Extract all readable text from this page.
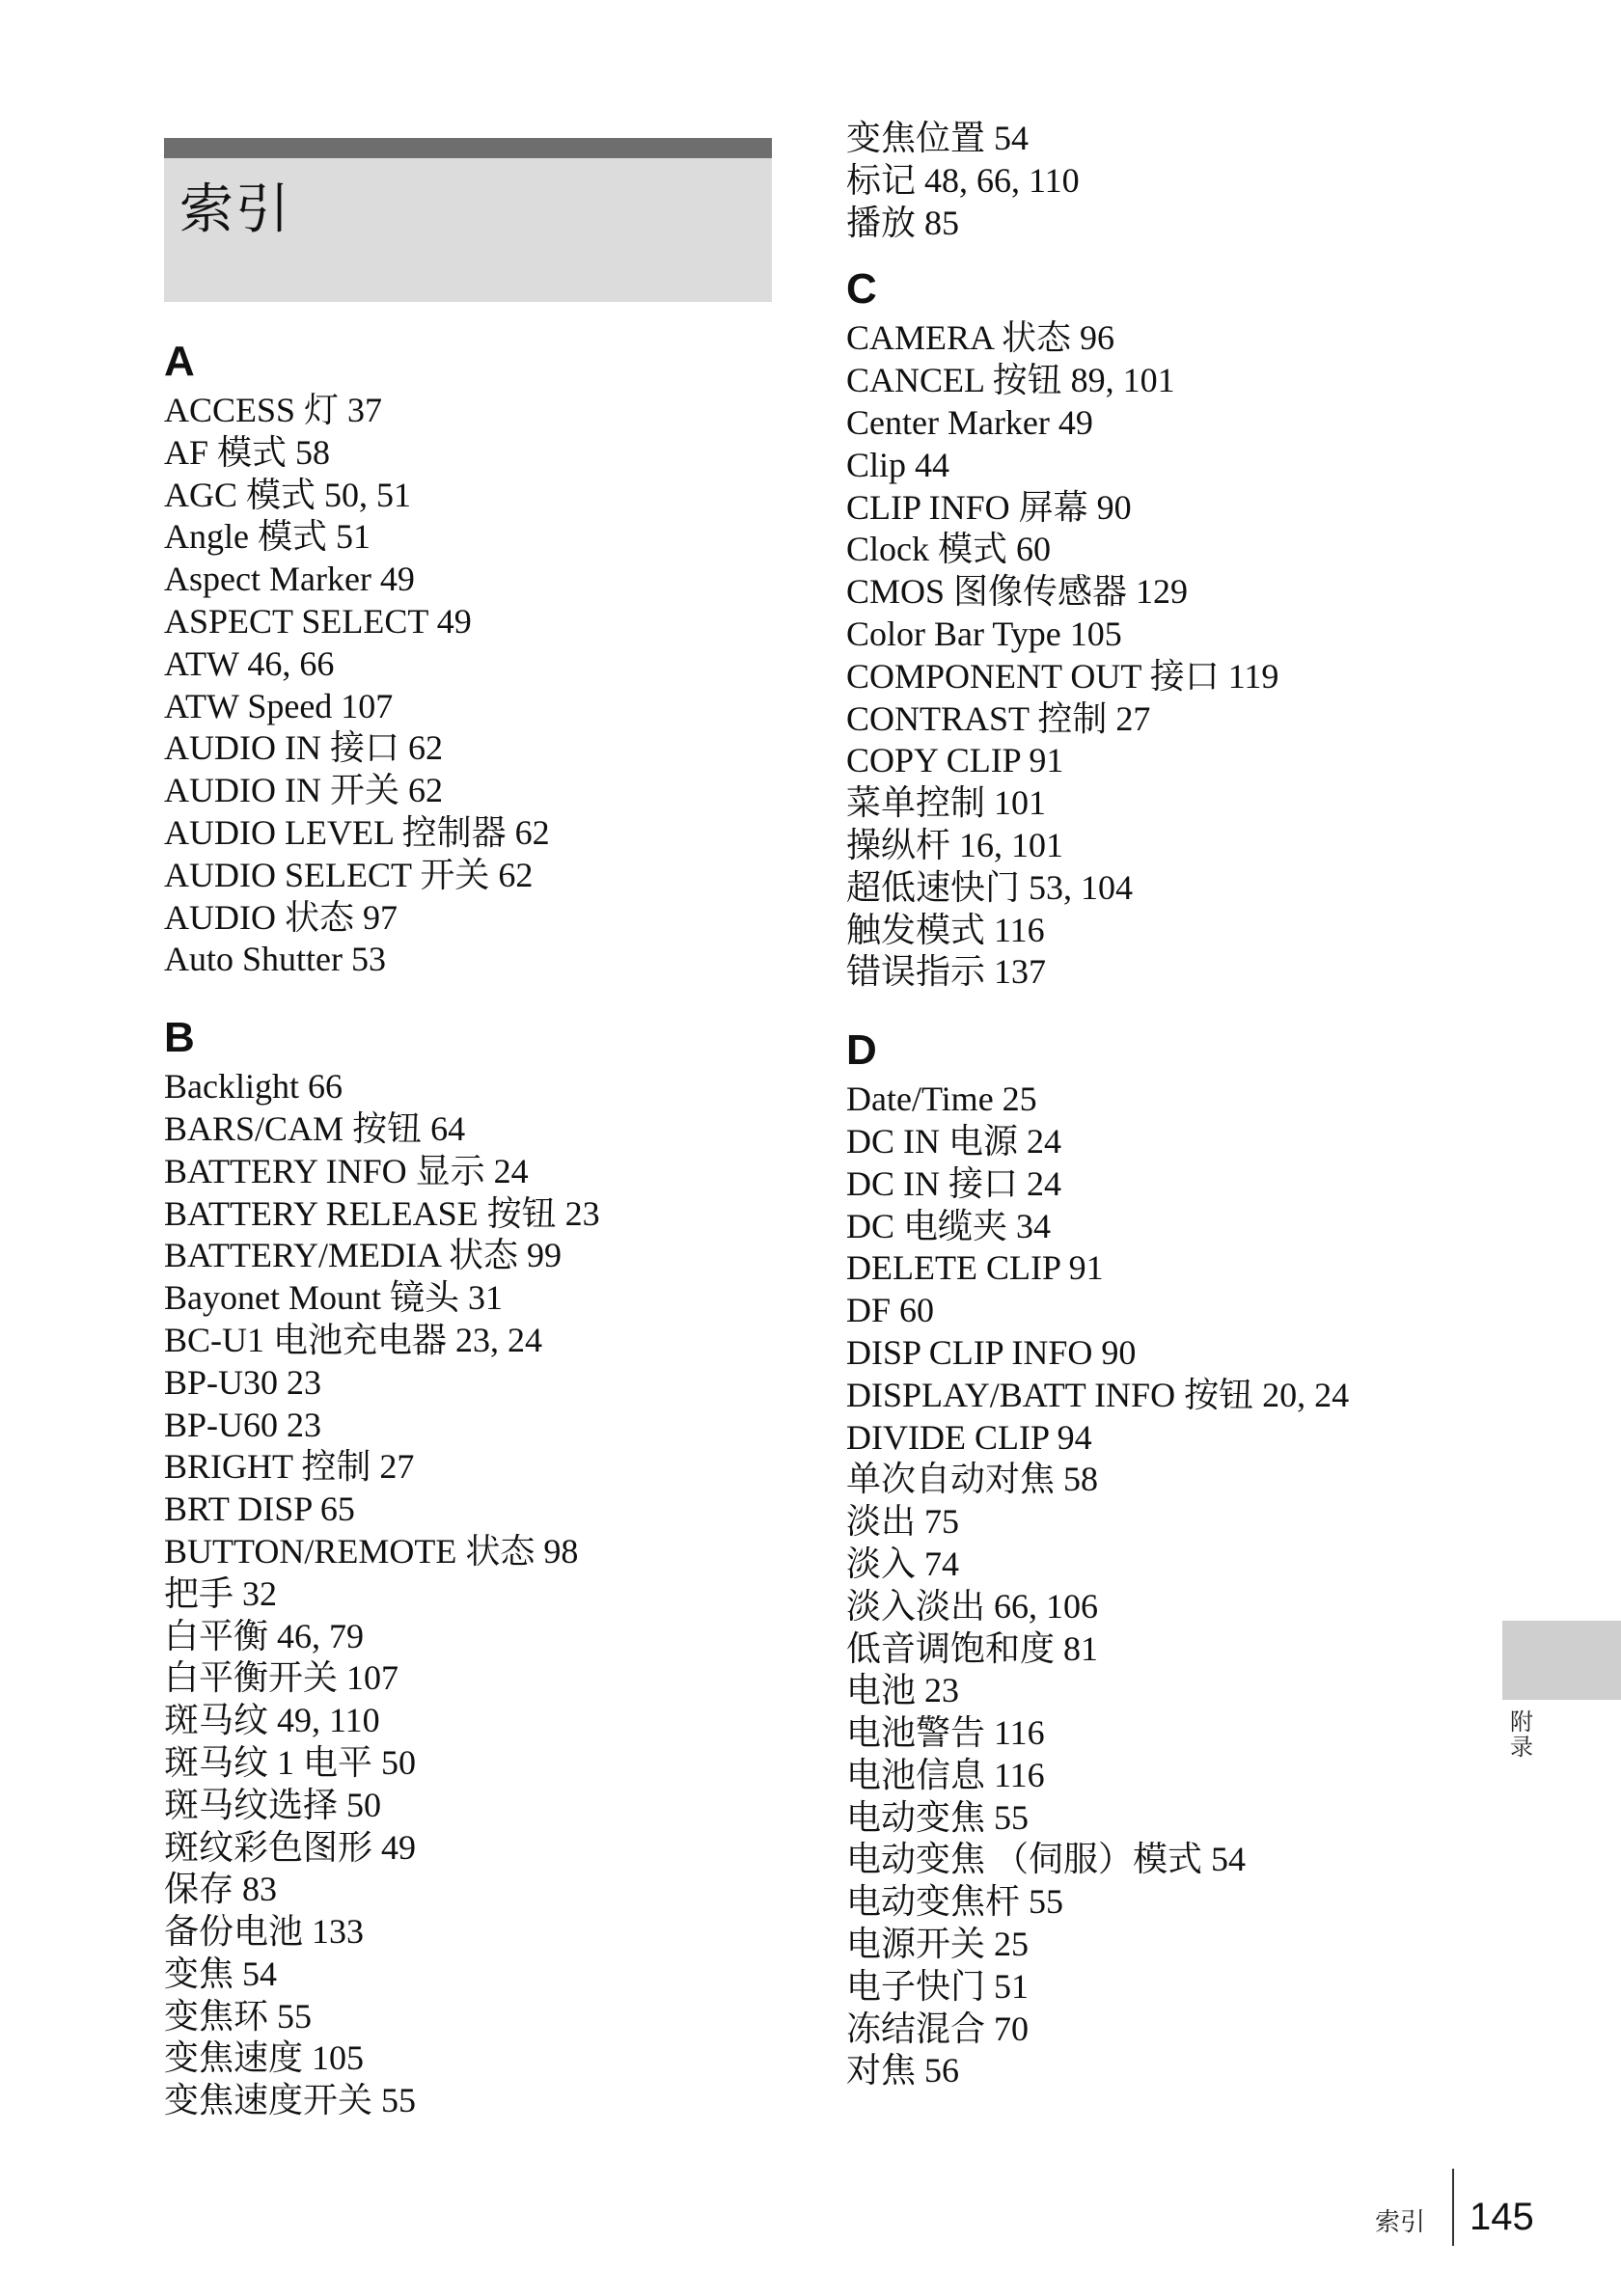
索引
A
ACCESS 灯 37
AF 模式 58
AGC 模式 50, 51
Angle 模式 51
Aspect Marker 49
ASPECT SELECT 49
ATW 46, 66
ATW Speed 107
AUDIO IN 接口 62
AUDIO IN 开关 62
AUDIO LEVEL 控制器 62
AUDIO SELECT 开关 62
AUDIO 状态 97
Auto Shutter 53
B
Backlight 66
BARS/CAM 按钮 64
BATTERY INFO 显示 24
BATTERY RELEASE 按钮 23
BATTERY/MEDIA 状态 99
Bayonet Mount 镜头 31
BC-U1 电池充电器 23, 24
BP-U30 23
BP-U60 23
BRIGHT 控制 27
BRT DISP 65
BUTTON/REMOTE 状态 98
把手 32
白平衡 46, 79
白平衡开关 107
斑马纹 49, 110
斑马纹 1 电平 50
斑马纹选择 50
斑纹彩色图形 49
保存 83
备份电池 133
变焦 54
变焦环 55
变焦速度 105
变焦速度开关 55
变焦位置 54
标记 48, 66, 110
播放 85
C
CAMERA 状态 96
CANCEL 按钮 89, 101
Center Marker 49
Clip 44
CLIP INFO 屏幕 90
Clock 模式 60
CMOS 图像传感器 129
Color Bar Type 105
COMPONENT OUT 接口 119
CONTRAST 控制 27
COPY CLIP 91
菜单控制 101
操纵杆 16, 101
超低速快门 53, 104
触发模式 116
错误指示 137
D
Date/Time 25
DC IN 电源 24
DC IN 接口 24
DC 电缆夹 34
DELETE CLIP 91
DF 60
DISP CLIP INFO 90
DISPLAY/BATT INFO 按钮 20, 24
DIVIDE CLIP 94
单次自动对焦 58
淡出 75
淡入 74
淡入淡出 66, 106
低音调饱和度 81
电池 23
电池警告 116
电池信息 116
电动变焦 55
电动变焦 （伺服）模式 54
电动变焦杆 55
电源开关 25
电子快门 51
冻结混合 70
对焦 56
附录
索引 145
